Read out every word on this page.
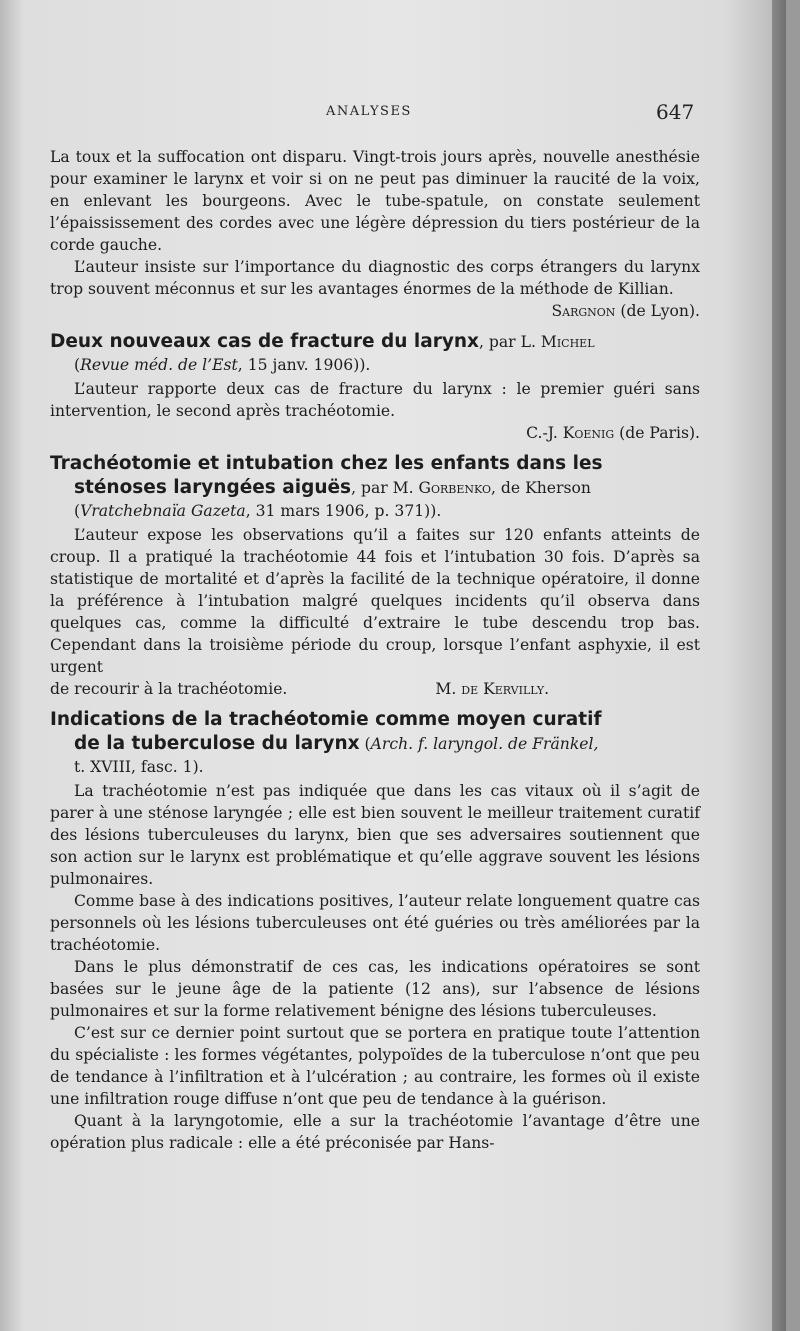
ANALYSES	647

La toux et la suffocation ont disparu. Vingt-trois jours après, nouvelle anesthésie pour examiner le larynx et voir si on ne peut pas diminuer la raucité de la voix, en enlevant les bourgeons. Avec le tube-spatule, on constate seulement l’épaississement des cordes avec une légère dépression du tiers postérieur de la corde gauche.

L’auteur insiste sur l’importance du diagnostic des corps étrangers du larynx trop souvent méconnus et sur les avantages énormes de la méthode de Killian.

Sargnon (de Lyon).

Deux nouveaux cas de fracture du larynx, par L. Michel
(Revue méd. de l’Est, 15 janv. 1906)).

L’auteur rapporte deux cas de fracture du larynx : le premier guéri sans intervention, le second après trachéotomie.

C.-J. Koenig (de Paris).

Trachéotomie et intubation chez les enfants dans les
sténoses laryngées aiguës, par M. Gorbenko, de Kherson
(Vratchebnaïa Gazeta, 31 mars 1906, p. 371)).

L’auteur expose les observations qu’il a faites sur 120 enfants atteints de croup. Il a pratiqué la trachéotomie 44 fois et l’intubation 30 fois. D’après sa statistique de mortalité et d’après la facilité de la technique opératoire, il donne la préférence à l’intubation malgré quelques incidents qu’il observa dans quelques cas, comme la difficulté d’extraire le tube descendu trop bas. Cependant dans la troisième période du croup, lorsque l’enfant asphyxie, il est urgent

de recourir à la trachéotomie.	M. de Kervilly.

Indications de la trachéotomie comme moyen curatif
de la tuberculose du larynx (Arch. f. laryngol. de Fränkel,
t. XVIII, fasc. 1).

La trachéotomie n’est pas indiquée que dans les cas vitaux où il s’agit de parer à une sténose laryngée ; elle est bien souvent le meilleur traitement curatif des lésions tuberculeuses du larynx, bien que ses adversaires soutiennent que son action sur le larynx est problématique et qu’elle aggrave souvent les lésions pulmonaires.

Comme base à des indications positives, l’auteur relate longuement quatre cas personnels où les lésions tuberculeuses ont été guéries ou très améliorées par la trachéotomie.

Dans le plus démonstratif de ces cas, les indications opératoires se sont basées sur le jeune âge de la patiente (12 ans), sur l’absence de lésions pulmonaires et sur la forme relativement bénigne des lésions tuberculeuses.

C’est sur ce dernier point surtout que se portera en pratique toute l’attention du spécialiste : les formes végétantes, polypoïdes de la tuberculose n’ont que peu de tendance à l’infiltration et à l’ulcération ; au contraire, les formes où il existe une infiltration rouge diffuse n’ont que peu de tendance à la guérison.

Quant à la laryngotomie, elle a sur la trachéotomie l’avantage d’être une opération plus radicale : elle a été préconisée par Hans-
